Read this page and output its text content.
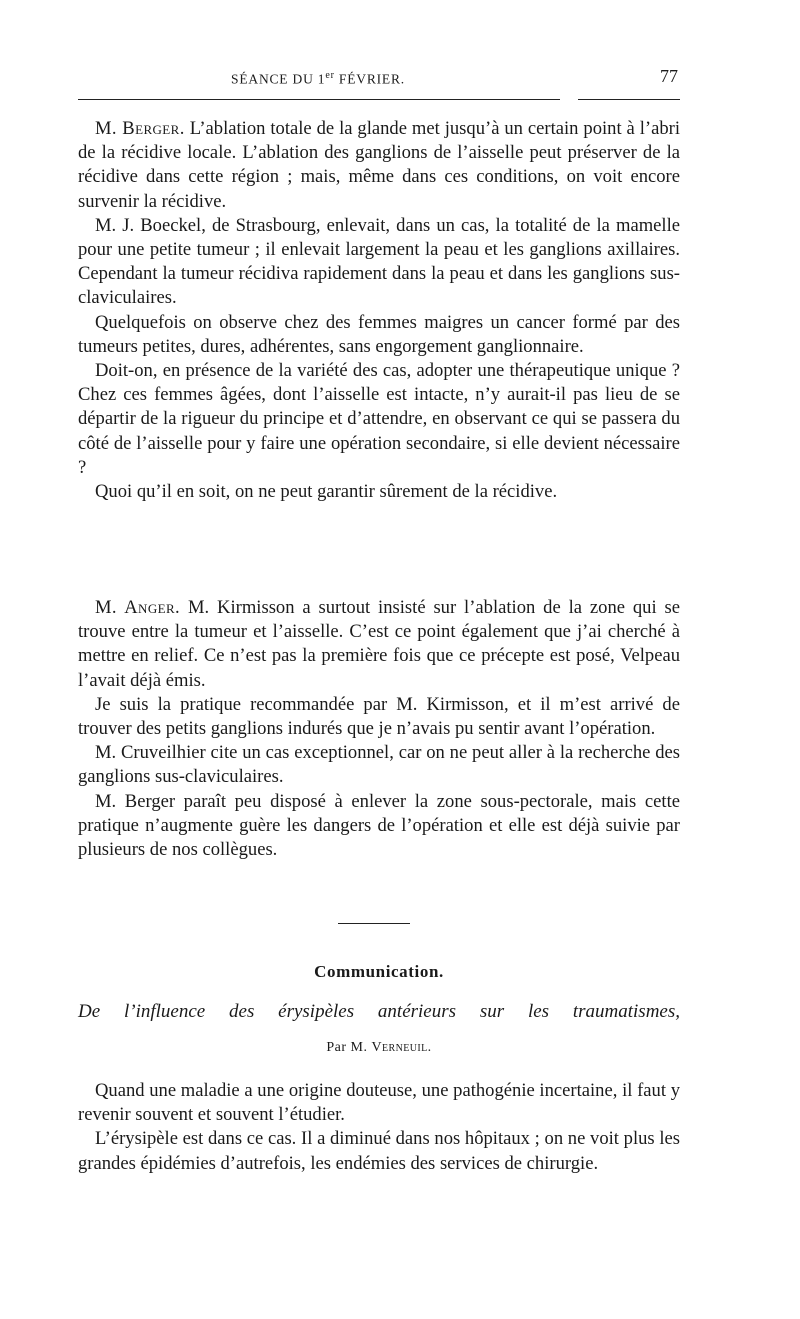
SÉANCE DU 1er FÉVRIER.	77

M. Berger. L’ablation totale de la glande met jusqu’à un certain point à l’abri de la récidive locale. L’ablation des ganglions de l’aisselle peut préserver de la récidive dans cette région ; mais, même dans ces conditions, on voit encore survenir la récidive.

M. J. Boeckel, de Strasbourg, enlevait, dans un cas, la totalité de la mamelle pour une petite tumeur ; il enlevait largement la peau et les ganglions axillaires. Cependant la tumeur récidiva rapidement dans la peau et dans les ganglions sus-claviculaires.

Quelquefois on observe chez des femmes maigres un cancer formé par des tumeurs petites, dures, adhérentes, sans engorgement ganglionnaire.

Doit-on, en présence de la variété des cas, adopter une thérapeutique unique ? Chez ces femmes âgées, dont l’aisselle est intacte, n’y aurait-il pas lieu de se départir de la rigueur du principe et d’attendre, en observant ce qui se passera du côté de l’aisselle pour y faire une opération secondaire, si elle devient nécessaire ?

Quoi qu’il en soit, on ne peut garantir sûrement de la récidive.

M. Anger. M. Kirmisson a surtout insisté sur l’ablation de la zone qui se trouve entre la tumeur et l’aisselle. C’est ce point également que j’ai cherché à mettre en relief. Ce n’est pas la première fois que ce précepte est posé, Velpeau l’avait déjà émis.

Je suis la pratique recommandée par M. Kirmisson, et il m’est arrivé de trouver des petits ganglions indurés que je n’avais pu sentir avant l’opération.

M. Cruveilhier cite un cas exceptionnel, car on ne peut aller à la recherche des ganglions sus-claviculaires.

M. Berger paraît peu disposé à enlever la zone sous-pectorale, mais cette pratique n’augmente guère les dangers de l’opération et elle est déjà suivie par plusieurs de nos collègues.

Communication.
De l’influence des érysipèles antérieurs sur les traumatismes,
Par M. Verneuil.

Quand une maladie a une origine douteuse, une pathogénie incertaine, il faut y revenir souvent et souvent l’étudier.

L’érysipèle est dans ce cas. Il a diminué dans nos hôpitaux ; on ne voit plus les grandes épidémies d’autrefois, les endémies des services de chirurgie.
